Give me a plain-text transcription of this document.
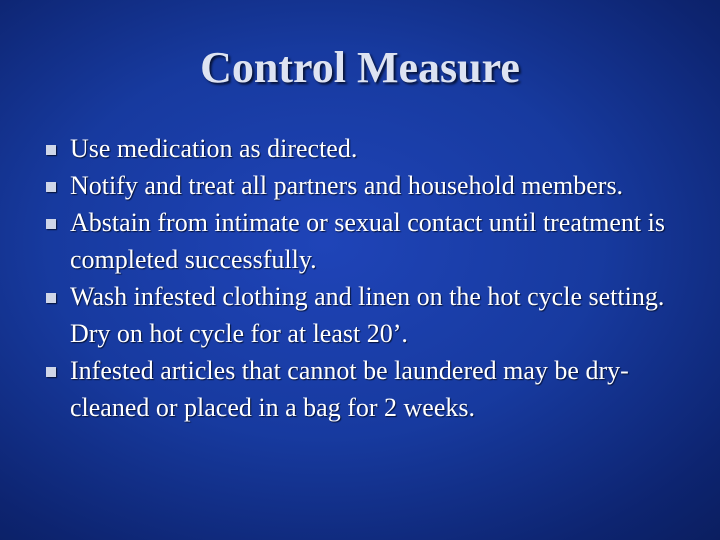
Control Measure
Use medication as directed.
Notify and treat all partners and household members.
Abstain from intimate or sexual contact until treatment is completed successfully.
Wash infested clothing and linen on the hot cycle setting. Dry on hot cycle for at least 20’.
Infested articles that cannot be laundered may be dry-cleaned or placed in a bag for 2 weeks.
